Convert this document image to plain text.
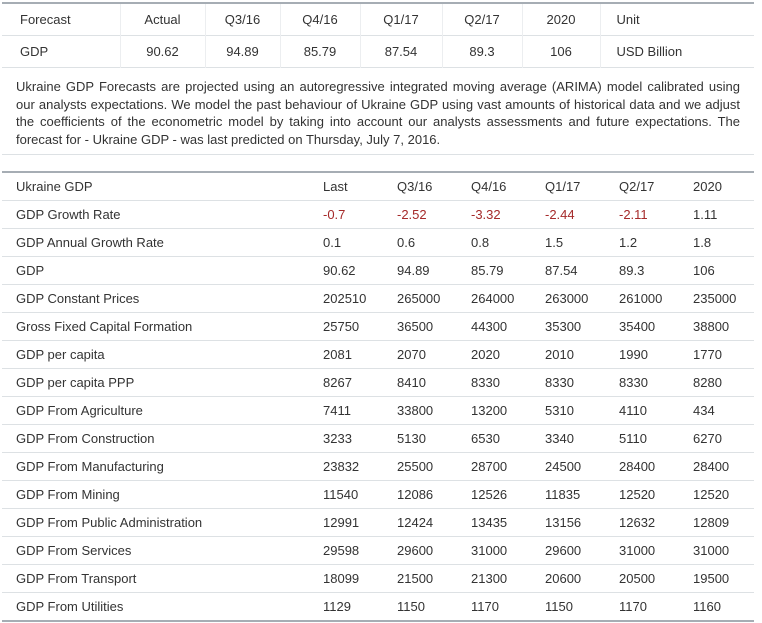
Forecast	Actual	Q3/16	Q4/16	Q1/17	Q2/17	2020	Unit
GDP	90.62	94.89	85.79	87.54	89.3	106	USD Billion

Ukraine GDP Forecasts are projected using an autoregressive integrated moving average (ARIMA) model calibrated using our analysts expectations. We model the past behaviour of Ukraine GDP using vast amounts of historical data and we adjust the coefficients of the econometric model by taking into account our analysts assessments and future expectations. The forecast for - Ukraine GDP - was last predicted on Thursday, July 7, 2016.

Ukraine GDP	Last	Q3/16	Q4/16	Q1/17	Q2/17	2020
GDP Growth Rate	-0.7	-2.52	-3.32	-2.44	-2.11	1.11
GDP Annual Growth Rate	0.1	0.6	0.8	1.5	1.2	1.8
GDP	90.62	94.89	85.79	87.54	89.3	106
GDP Constant Prices	202510	265000	264000	263000	261000	235000
Gross Fixed Capital Formation	25750	36500	44300	35300	35400	38800
GDP per capita	2081	2070	2020	2010	1990	1770
GDP per capita PPP	8267	8410	8330	8330	8330	8280
GDP From Agriculture	7411	33800	13200	5310	4110	434
GDP From Construction	3233	5130	6530	3340	5110	6270
GDP From Manufacturing	23832	25500	28700	24500	28400	28400
GDP From Mining	11540	12086	12526	11835	12520	12520
GDP From Public Administration	12991	12424	13435	13156	12632	12809
GDP From Services	29598	29600	31000	29600	31000	31000
GDP From Transport	18099	21500	21300	20600	20500	19500
GDP From Utilities	1129	1150	1170	1150	1170	1160
